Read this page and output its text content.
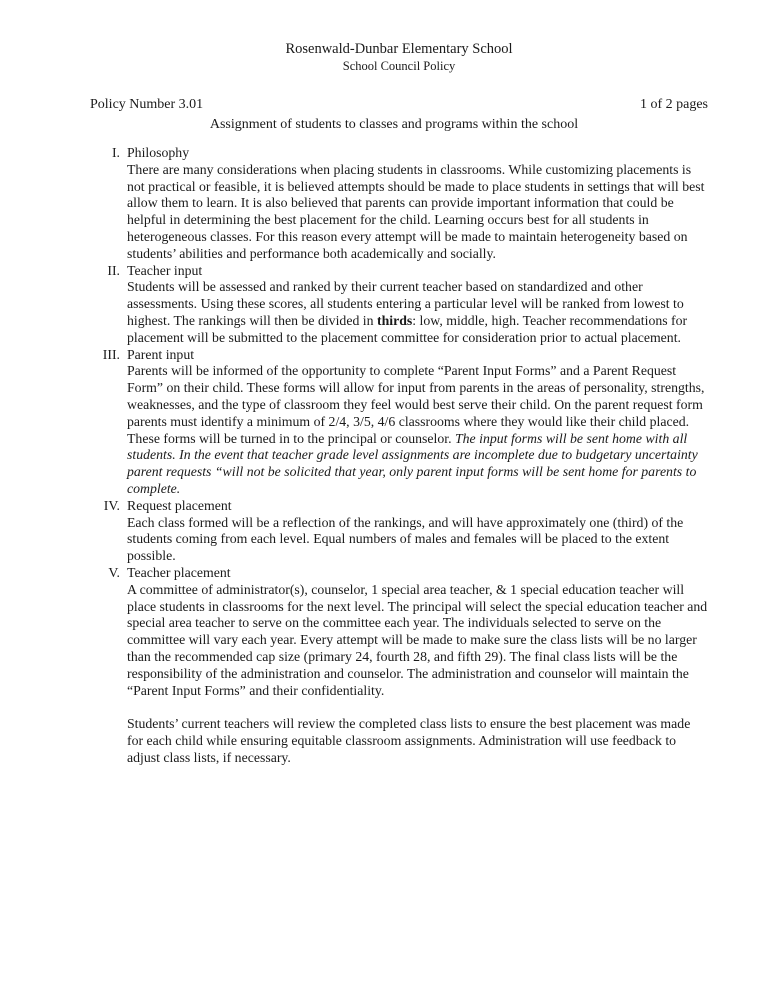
Rosenwald-Dunbar Elementary School
School Council Policy
Policy Number 3.01	1 of 2 pages
Assignment of students to classes and programs within the school
I. Philosophy

There are many considerations when placing students in classrooms. While customizing placements is not practical or feasible, it is believed attempts should be made to place students in settings that will best allow them to learn. It is also believed that parents can provide important information that could be helpful in determining the best placement for the child. Learning occurs best for all students in heterogeneous classes. For this reason every attempt will be made to maintain heterogeneity based on students’ abilities and performance both academically and socially.

II. Teacher input

Students will be assessed and ranked by their current teacher based on standardized and other assessments. Using these scores, all students entering a particular level will be ranked from lowest to highest. The rankings will then be divided in thirds: low, middle, high. Teacher recommendations for placement will be submitted to the placement committee for consideration prior to actual placement.

III. Parent input

Parents will be informed of the opportunity to complete “Parent Input Forms” and a Parent Request Form” on their child. These forms will allow for input from parents in the areas of personality, strengths, weaknesses, and the type of classroom they feel would best serve their child. On the parent request form parents must identify a minimum of 2/4, 3/5, 4/6 classrooms where they would like their child placed. These forms will be turned in to the principal or counselor. The input forms will be sent home with all students. In the event that teacher grade level assignments are incomplete due to budgetary uncertainty parent requests “will not be solicited that year, only parent input forms will be sent home for parents to complete.

IV. Request placement

Each class formed will be a reflection of the rankings, and will have approximately one (third) of the students coming from each level. Equal numbers of males and females will be placed to the extent possible.

V. Teacher placement

A committee of administrator(s), counselor, 1 special area teacher, & 1 special education teacher will place students in classrooms for the next level. The principal will select the special education teacher and special area teacher to serve on the committee each year. The individuals selected to serve on the committee will vary each year. Every attempt will be made to make sure the class lists will be no larger than the recommended cap size (primary 24, fourth 28, and fifth 29). The final class lists will be the responsibility of the administration and counselor. The administration and counselor will maintain the “Parent Input Forms” and their confidentiality.

Students’ current teachers will review the completed class lists to ensure the best placement was made for each child while ensuring equitable classroom assignments. Administration will use feedback to adjust class lists, if necessary.
